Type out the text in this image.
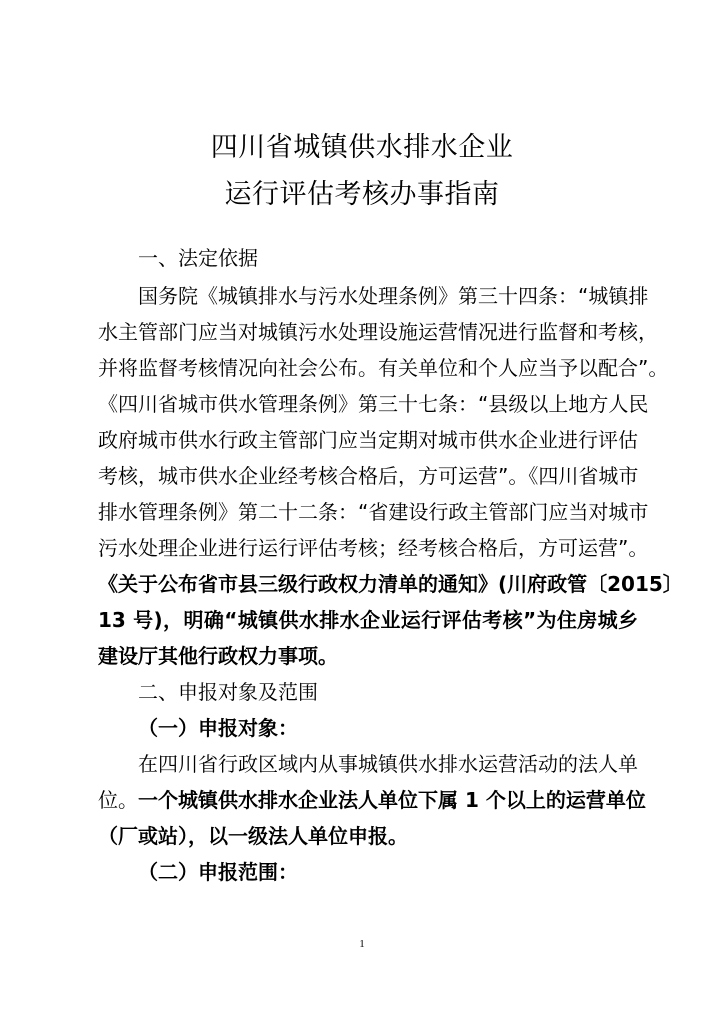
四川省城镇供水排水企业
运行评估考核办事指南
一、法定依据
国务院《城镇排水与污水处理条例》第三十四条：“城镇排
水主管部门应当对城镇污水处理设施运营情况进行监督和考核，
并将监督考核情况向社会公布。有关单位和个人应当予以配合”。
《四川省城市供水管理条例》第三十七条：“县级以上地方人民
政府城市供水行政主管部门应当定期对城市供水企业进行评估
考核，城市供水企业经考核合格后，方可运营”。《四川省城市
排水管理条例》第二十二条：“省建设行政主管部门应当对城市
污水处理企业进行运行评估考核；经考核合格后，方可运营”。
《关于公布省市县三级行政权力清单的通知》(川府政管〔2015〕
13 号)，明确“城镇供水排水企业运行评估考核”为住房城乡
建设厅其他行政权力事项。
二、申报对象及范围
（一）申报对象：
在四川省行政区域内从事城镇供水排水运营活动的法人单
位。一个城镇供水排水企业法人单位下属 1 个以上的运营单位
（厂或站），以一级法人单位申报。
（二）申报范围：
1
